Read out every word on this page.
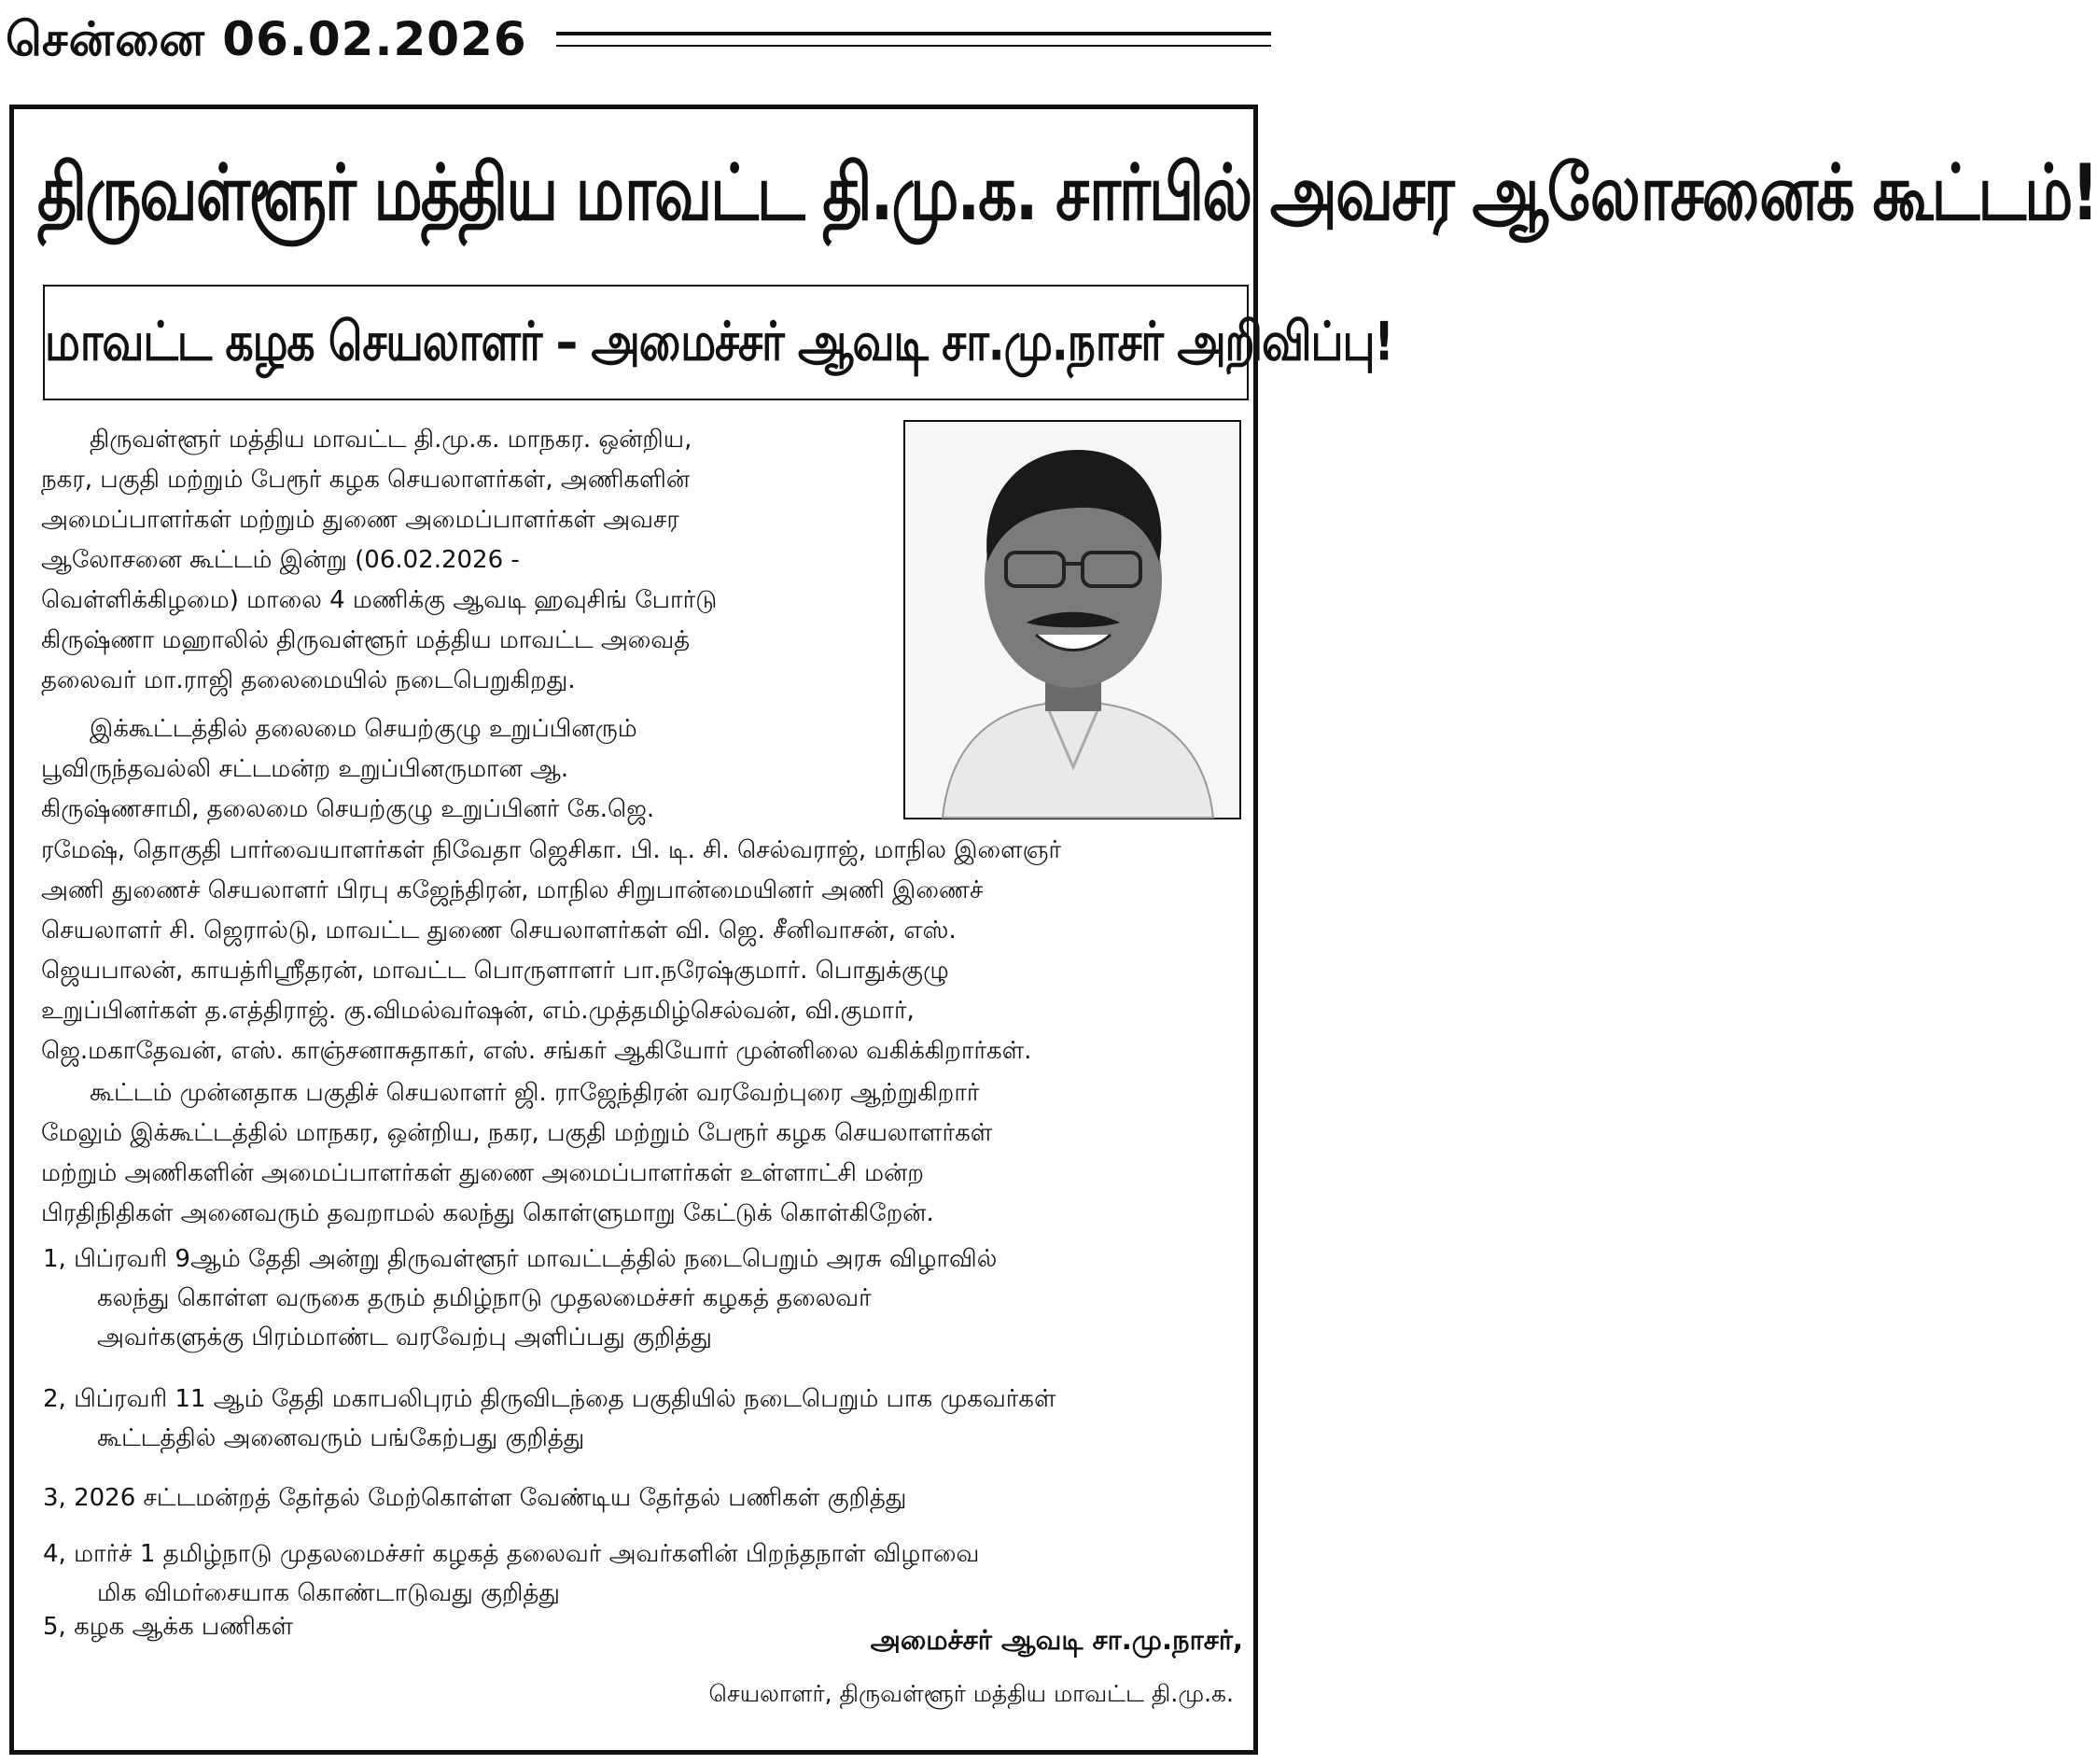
சென்னை 06.02.2026
திருவள்ளூர் மத்திய மாவட்ட தி.மு.க. சார்பில் அவசர ஆலோசனைக் கூட்டம்!
மாவட்ட கழக செயலாளர் – அமைச்சர் ஆவடி சா.மு.நாசர் அறிவிப்பு!
திருவள்ளூர் மத்திய மாவட்ட தி.மு.க. மாநகர. ஒன்றிய,
நகர, பகுதி மற்றும் பேரூர் கழக செயலாளர்கள், அணிகளின்
அமைப்பாளர்கள் மற்றும் துணை அமைப்பாளர்கள் அவசர
ஆலோசனை கூட்டம் இன்று (06.02.2026 -
வெள்ளிக்கிழமை) மாலை 4 மணிக்கு ஆவடி ஹவுசிங் போர்டு
கிருஷ்ணா மஹாலில் திருவள்ளூர் மத்திய மாவட்ட அவைத்
தலைவர் மா.ராஜி தலைமையில் நடைபெறுகிறது.
இக்கூட்டத்தில் தலைமை செயற்குழு உறுப்பினரும்
பூவிருந்தவல்லி சட்டமன்ற உறுப்பினருமான ஆ.
கிருஷ்ணசாமி, தலைமை செயற்குழு உறுப்பினர் கே.ஜெ.
ரமேஷ், தொகுதி பார்வையாளர்கள் நிவேதா ஜெசிகா. பி. டி. சி. செல்வராஜ், மாநில இளைஞர்
அணி துணைச் செயலாளர் பிரபு கஜேந்திரன், மாநில சிறுபான்மையினர் அணி இணைச்
செயலாளர் சி. ஜெரால்டு, மாவட்ட துணை செயலாளர்கள் வி. ஜெ. சீனிவாசன், எஸ்.
ஜெயபாலன், காயத்ரிஸ்ரீதரன், மாவட்ட பொருளாளர் பா.நரேஷ்குமார். பொதுக்குழு
உறுப்பினர்கள் த.எத்திராஜ். கு.விமல்வர்ஷன், எம்.முத்தமிழ்செல்வன், வி.குமார்,
ஜெ.மகாதேவன், எஸ். காஞ்சனாசுதாகர், எஸ். சங்கர் ஆகியோர் முன்னிலை வகிக்கிறார்கள்.
கூட்டம் முன்னதாக பகுதிச் செயலாளர் ஜி. ராஜேந்திரன் வரவேற்புரை ஆற்றுகிறார்
மேலும் இக்கூட்டத்தில் மாநகர, ஒன்றிய, நகர, பகுதி மற்றும் பேரூர் கழக செயலாளர்கள்
மற்றும் அணிகளின் அமைப்பாளர்கள் துணை அமைப்பாளர்கள் உள்ளாட்சி மன்ற
பிரதிநிதிகள் அனைவரும் தவறாமல் கலந்து கொள்ளுமாறு கேட்டுக் கொள்கிறேன்.
1, பிப்ரவரி 9ஆம் தேதி அன்று திருவள்ளூர் மாவட்டத்தில் நடைபெறும் அரசு விழாவில்
கலந்து கொள்ள வருகை தரும் தமிழ்நாடு முதலமைச்சர் கழகத் தலைவர்
அவர்களுக்கு பிரம்மாண்ட வரவேற்பு அளிப்பது குறித்து
2, பிப்ரவரி 11 ஆம் தேதி மகாபலிபுரம் திருவிடந்தை பகுதியில் நடைபெறும் பாக முகவர்கள்
கூட்டத்தில் அனைவரும் பங்கேற்பது குறித்து
3, 2026 சட்டமன்றத் தேர்தல் மேற்கொள்ள வேண்டிய தேர்தல் பணிகள் குறித்து
4, மார்ச் 1 தமிழ்நாடு முதலமைச்சர் கழகத் தலைவர் அவர்களின் பிறந்தநாள் விழாவை
மிக விமர்சையாக கொண்டாடுவது குறித்து
5, கழக ஆக்க பணிகள்	அமைச்சர் ஆவடி சா.மு.நாசர்,
செயலாளர், திருவள்ளூர் மத்திய மாவட்ட தி.மு.க.
